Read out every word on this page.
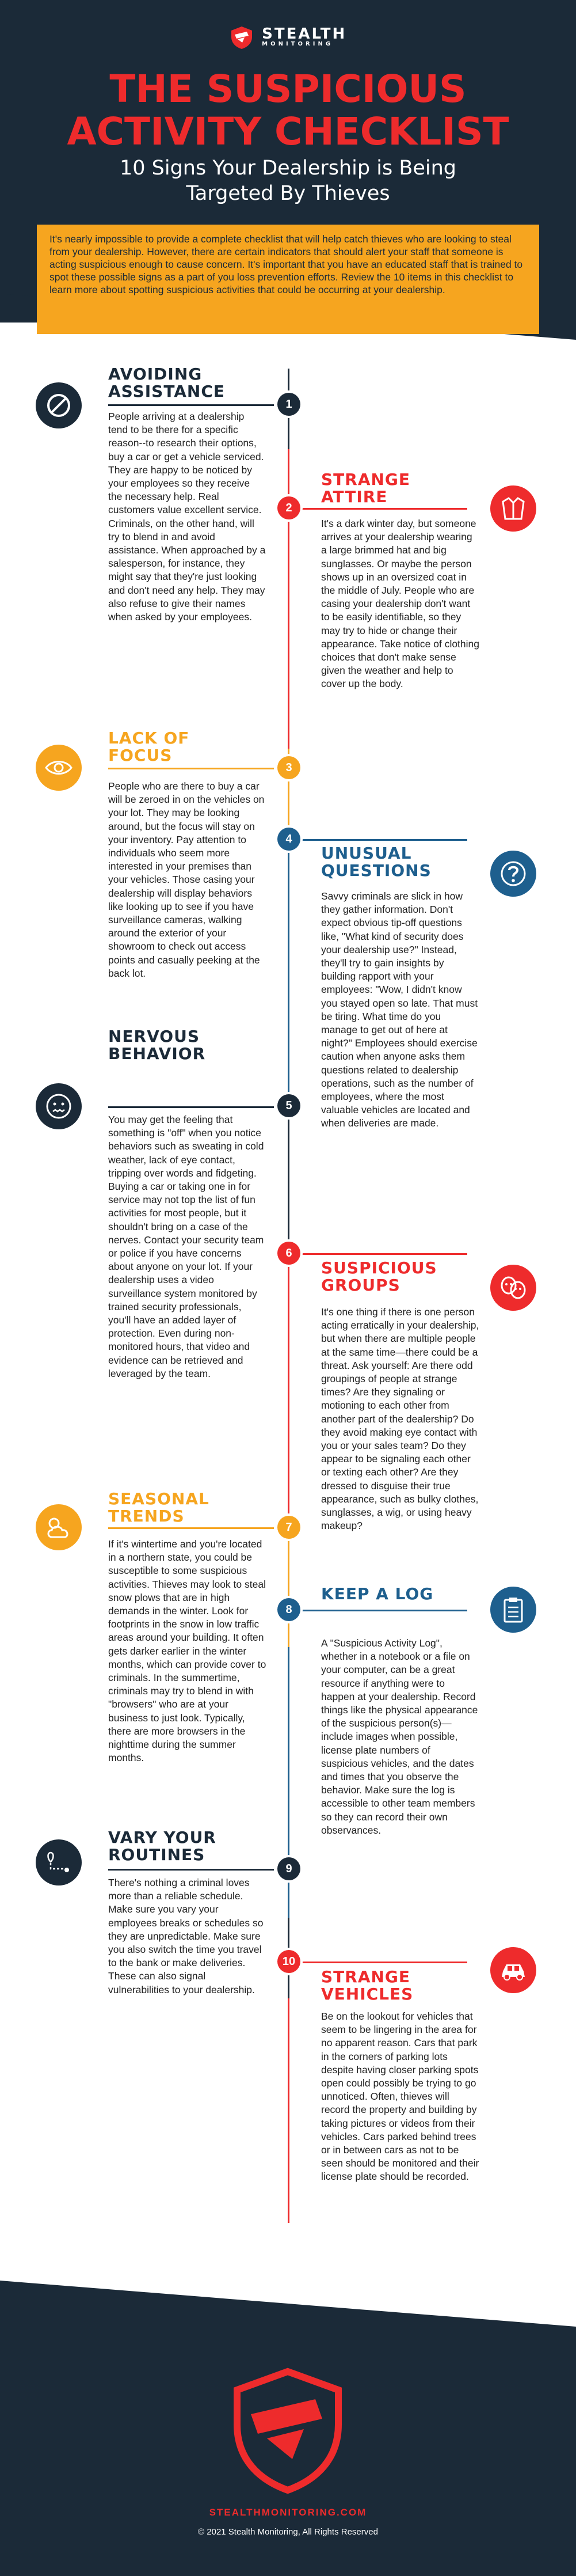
STEALTH
MONITORING
THE SUSPICIOUS
ACTIVITY CHECKLIST
10 Signs Your Dealership is Being
Targeted By Thieves

It's nearly impossible to provide a complete checklist that will help catch thieves who are looking to steal from your dealership. However, there are certain indicators that should alert your staff that someone is acting suspicious enough to cause concern. It's important that you have an educated staff that is trained to spot these possible signs as a part of you loss prevention efforts. Review the 10 items in this checklist to learn more about spotting suspicious activities that could be occurring at your dealership.

AVOIDING
ASSISTANCE
1
People arriving at a dealership tend to be there for a specific reason--to research their options, buy a car or get a vehicle serviced. They are happy to be noticed by your employees so they receive the necessary help. Real customers value excellent service. Criminals, on the other hand, will try to blend in and avoid assistance. When approached by a salesperson, for instance, they might say that they're just looking and don't need any help. They may also refuse to give their names when asked by your employees.
2
STRANGE
ATTIRE
It's a dark winter day, but someone arrives at your dealership wearing a large brimmed hat and big sunglasses. Or maybe the person shows up in an oversized coat in the middle of July. People who are casing your dealership don't want to be easily identifiable, so they may try to hide or change their appearance. Take notice of clothing choices that don't make sense given the weather and help to cover up the body.
LACK OF
FOCUS
3
People who are there to buy a car will be zeroed in on the vehicles on your lot. They may be looking around, but the focus will stay on your inventory. Pay attention to individuals who seem more interested in your premises than your vehicles. Those casing your dealership will display behaviors like looking up to see if you have surveillance cameras, walking around the exterior of your showroom to check out access points and casually peeking at the back lot.
4
UNUSUAL
QUESTIONS
Savvy criminals are slick in how they gather information. Don't expect obvious tip-off questions like, "What kind of security does your dealership use?" Instead, they'll try to gain insights by building rapport with your employees: "Wow, I didn't know you stayed open so late. That must be tiring. What time do you manage to get out of here at night?" Employees should exercise caution when anyone asks them questions related to dealership operations, such as the number of employees, where the most valuable vehicles are located and when deliveries are made.
NERVOUS
BEHAVIOR
5
You may get the feeling that something is "off" when you notice behaviors such as sweating in cold weather, lack of eye contact, tripping over words and fidgeting. Buying a car or taking one in for service may not top the list of fun activities for most people, but it shouldn't bring on a case of the nerves. Contact your security team or police if you have concerns about anyone on your lot. If your dealership uses a video surveillance system monitored by trained security professionals, you'll have an added layer of protection. Even during non-monitored hours, that video and evidence can be retrieved and leveraged by the team.
6
SUSPICIOUS
GROUPS
It's one thing if there is one person acting erratically in your dealership, but when there are multiple people at the same time—there could be a threat. Ask yourself: Are there odd groupings of people at strange times? Are they signaling or motioning to each other from another part of the dealership? Do they avoid making eye contact with you or your sales team? Do they appear to be signaling each other or texting each other? Are they dressed to disguise their true appearance, such as bulky clothes, sunglasses, a wig, or using heavy makeup?
SEASONAL
TRENDS
7
If it's wintertime and you're located in a northern state, you could be susceptible to some suspicious activities. Thieves may look to steal snow plows that are in high demands in the winter. Look for footprints in the snow in low traffic areas around your building. It often gets darker earlier in the winter months, which can provide cover to criminals. In the summertime, criminals may try to blend in with "browsers" who are at your business to just look. Typically, there are more browsers in the nighttime during the summer months.
8
KEEP A LOG
A "Suspicious Activity Log", whether in a notebook or a file on your computer, can be a great resource if anything were to happen at your dealership. Record things like the physical appearance of the suspicious person(s)—include images when possible, license plate numbers of suspicious vehicles, and the dates and times that you observe the behavior. Make sure the log is accessible to other team members so they can record their own observances.
VARY YOUR
ROUTINES
9
There's nothing a criminal loves more than a reliable schedule. Make sure you vary your employees breaks or schedules so they are unpredictable. Make sure you also switch the time you travel to the bank or make deliveries. These can also signal vulnerabilities to your dealership.
10
STRANGE
VEHICLES
Be on the lookout for vehicles that seem to be lingering in the area for no apparent reason. Cars that park in the corners of parking lots despite having closer parking spots open could possibly be trying to go unnoticed. Often, thieves will record the property and building by taking pictures or videos from their vehicles. Cars parked behind trees or in between cars as not to be seen should be monitored and their license plate should be recorded.
STEALTHMONITORING.COM
© 2021 Stealth Monitoring, All Rights Reserved
